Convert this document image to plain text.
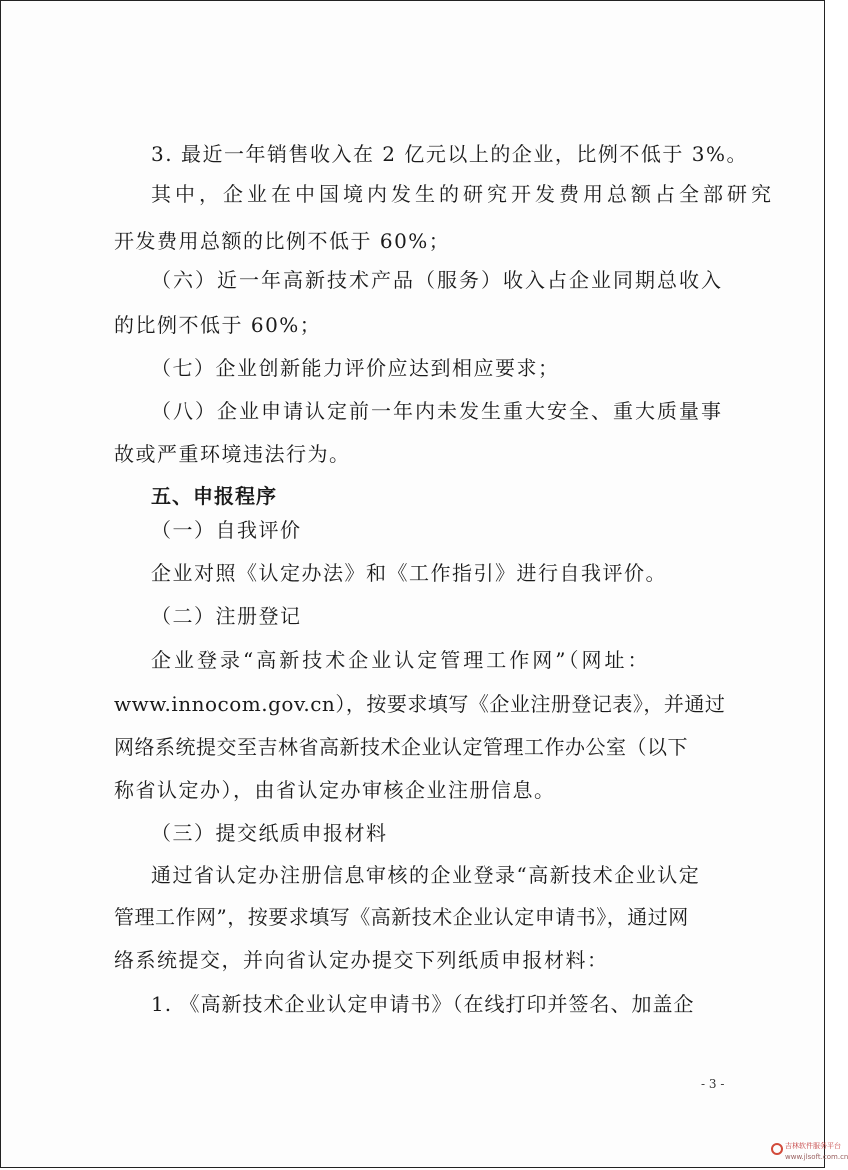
3. 最近一年销售收入在 2 亿元以上的企业，比例不低于 3%。
其中，企业在中国境内发生的研究开发费用总额占全部研究
开发费用总额的比例不低于 60%；
（六）近一年高新技术产品（服务）收入占企业同期总收入
的比例不低于 60%；
（七）企业创新能力评价应达到相应要求；
（八）企业申请认定前一年内未发生重大安全、重大质量事
故或严重环境违法行为。
五、申报程序
（一）自我评价
企业对照《认定办法》和《工作指引》进行自我评价。
（二）注册登记
企业登录“高新技术企业认定管理工作网”（网址：
www.innocom.gov.cn），按要求填写《企业注册登记表》，并通过
网络系统提交至吉林省高新技术企业认定管理工作办公室（以下
称省认定办），由省认定办审核企业注册信息。
（三）提交纸质申报材料
通过省认定办注册信息审核的企业登录“高新技术企业认定
管理工作网”，按要求填写《高新技术企业认定申请书》，通过网
络系统提交，并向省认定办提交下列纸质申报材料：
1. 《高新技术企业认定申请书》（在线打印并签名、加盖企
- 3 -
吉林软件服务平台
www.jlsoft.com.cn
